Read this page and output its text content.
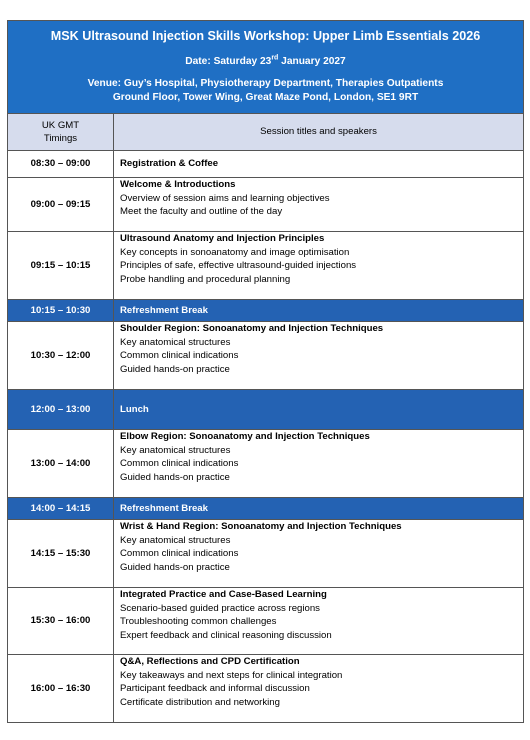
MSK Ultrasound Injection Skills Workshop: Upper Limb Essentials 2026
Date: Saturday 23rd January 2027
Venue: Guy’s Hospital, Physiotherapy Department, Therapies Outpatients
Ground Floor, Tower Wing, Great Maze Pond, London, SE1 9RT	

UK GMT
Timings	Session titles and speakers
08:30 – 09:00	Registration & Coffee

09:00 – 09:15	Welcome & Introductions
Overview of session aims and learning objectives
Meet the faculty and outline of the day

09:15 – 10:15	Ultrasound Anatomy and Injection Principles
Key concepts in sonoanatomy and image optimisation
Principles of safe, effective ultrasound-guided injections
Probe handling and procedural planning

10:15 – 10:30	Refreshment Break

10:30 – 12:00	Shoulder Region: Sonoanatomy and Injection Techniques
Key anatomical structures
Common clinical indications
Guided hands-on practice

12:00 – 13:00	Lunch

13:00 – 14:00	Elbow Region: Sonoanatomy and Injection Techniques
Key anatomical structures
Common clinical indications
Guided hands-on practice

14:00 – 14:15	Refreshment Break

14:15 – 15:30	Wrist & Hand Region: Sonoanatomy and Injection Techniques
Key anatomical structures
Common clinical indications
Guided hands-on practice

15:30 – 16:00	Integrated Practice and Case-Based Learning
Scenario-based guided practice across regions
Troubleshooting common challenges
Expert feedback and clinical reasoning discussion

16:00 – 16:30	Q&A, Reflections and CPD Certification
Key takeaways and next steps for clinical integration
Participant feedback and informal discussion
Certificate distribution and networking
